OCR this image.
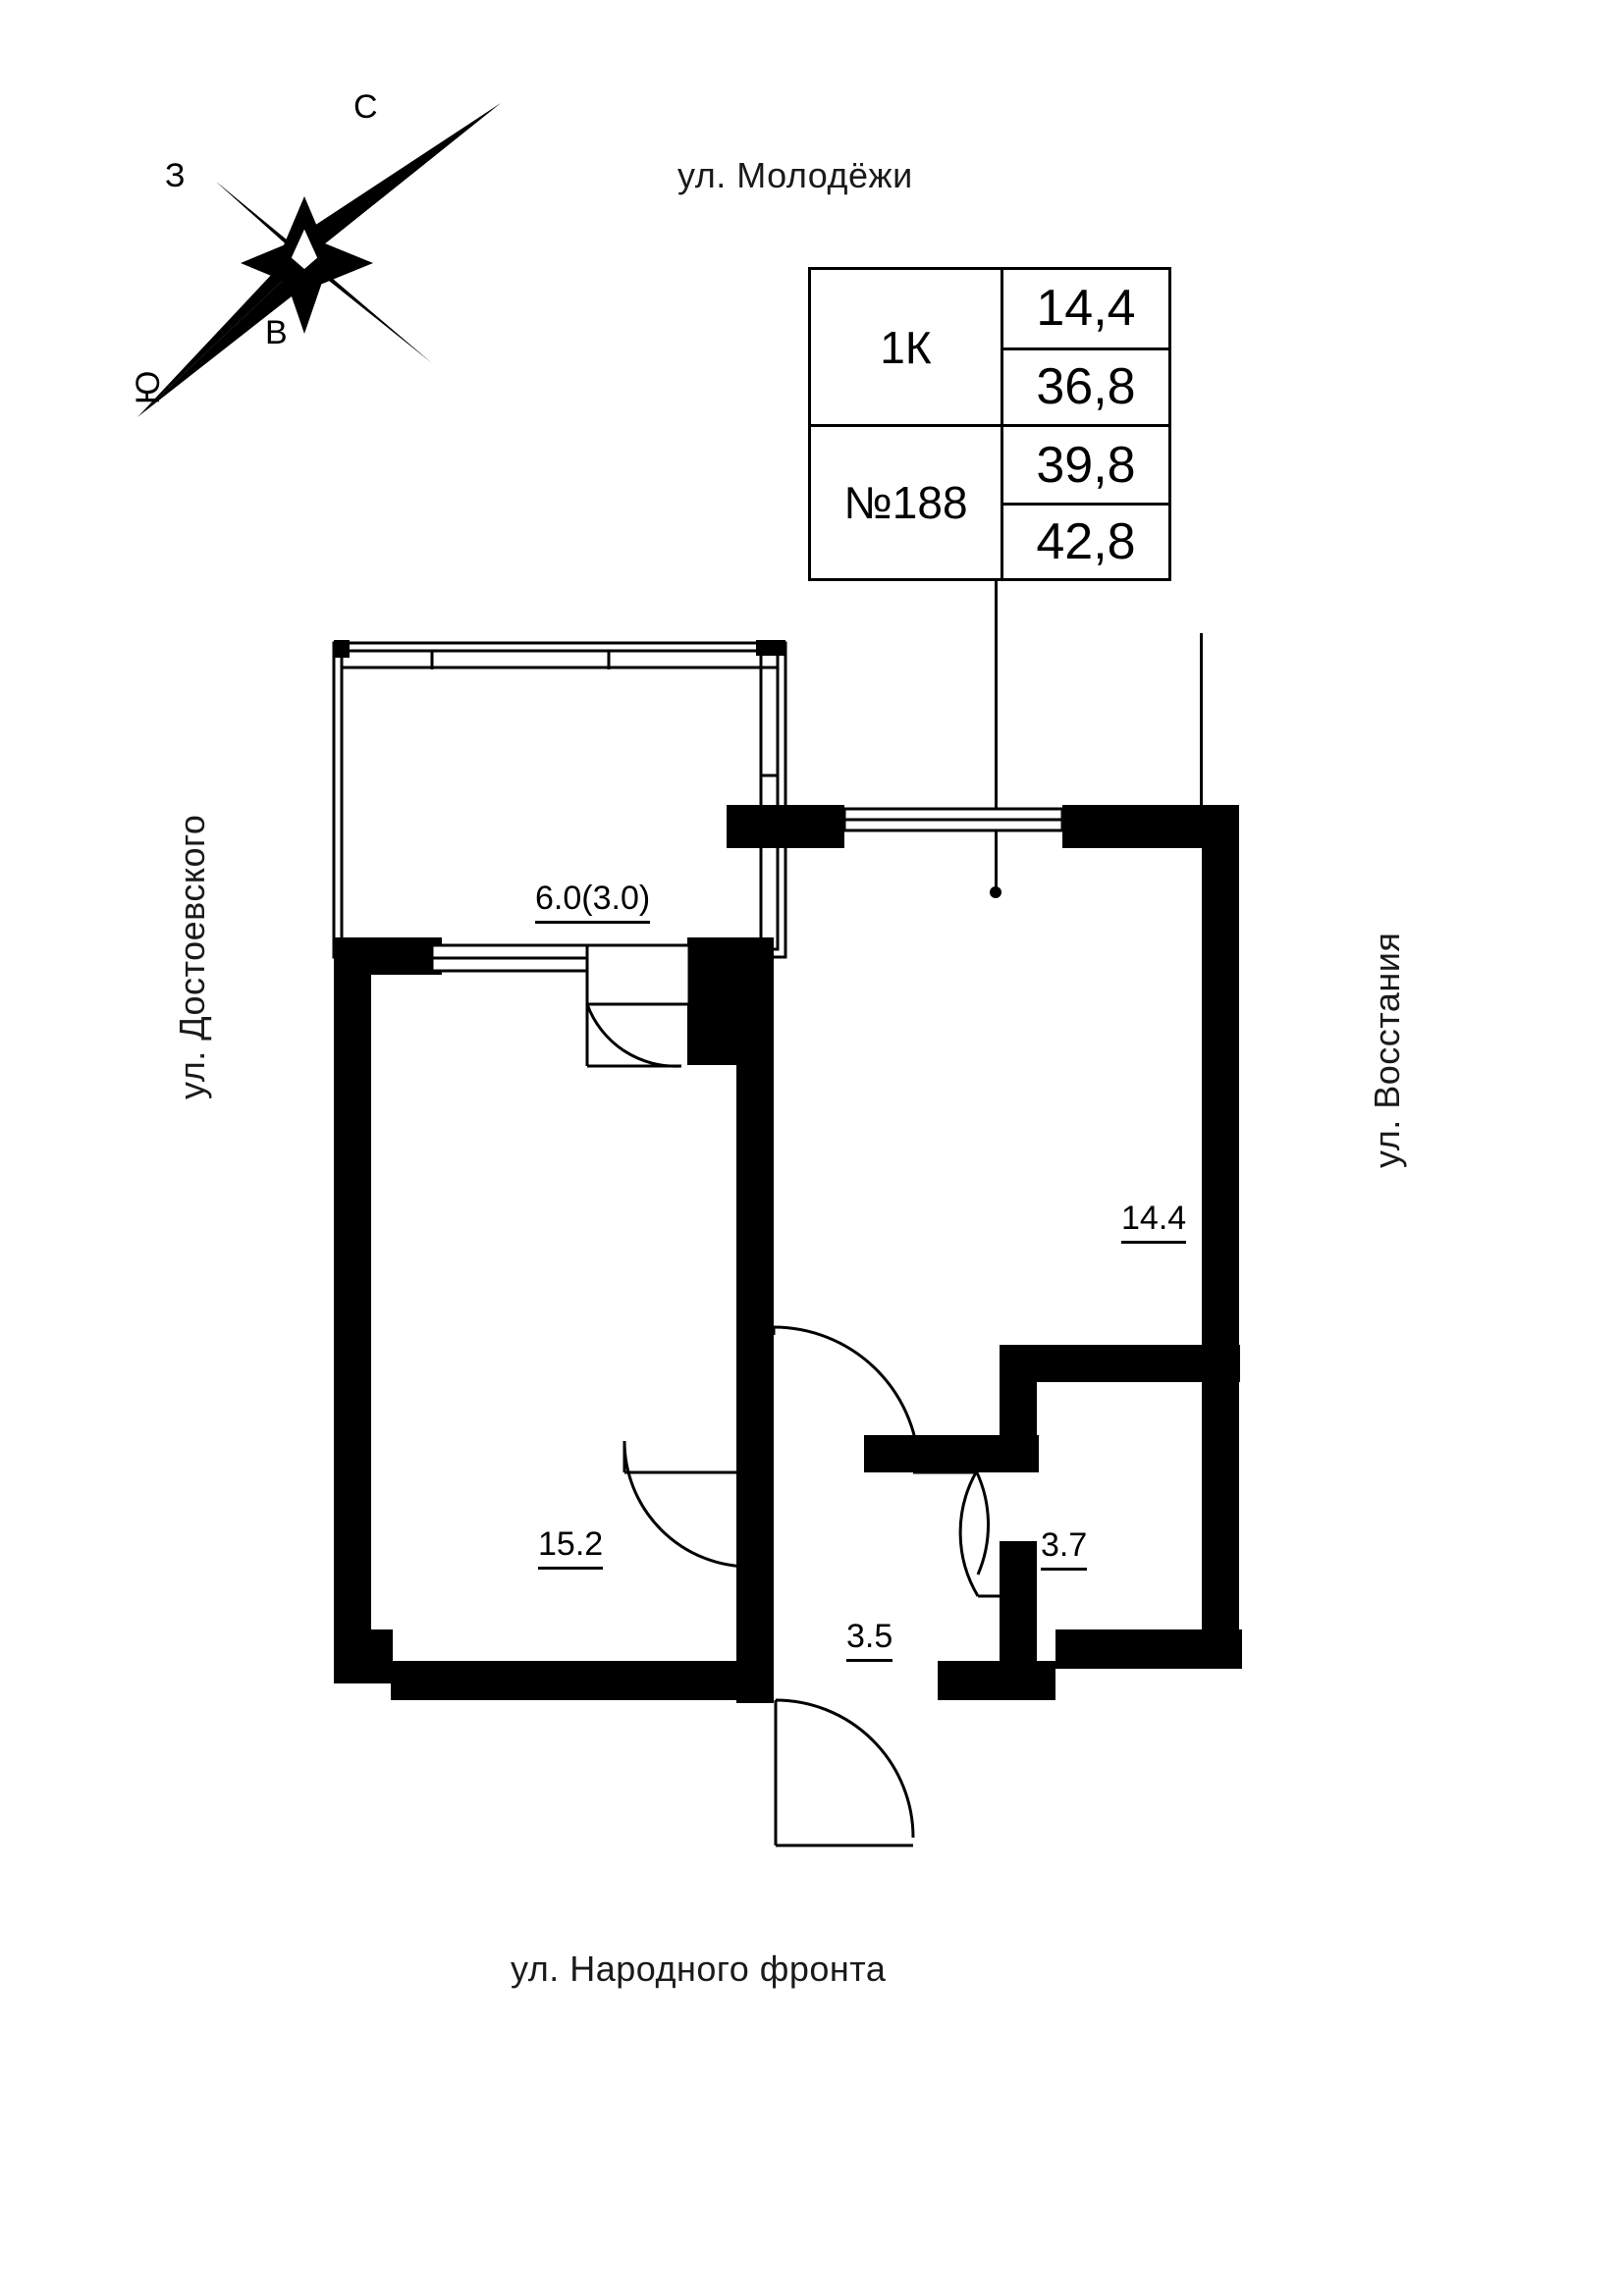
ул. Молодёжи
ул. Народного фронта
ул. Достоевского	ул. Восстания
С
Ю
З
В	1К
14,4
36,8
№188
39,8
42,8
14.4
15.2
3.5
3.7
6.0(3.0)
